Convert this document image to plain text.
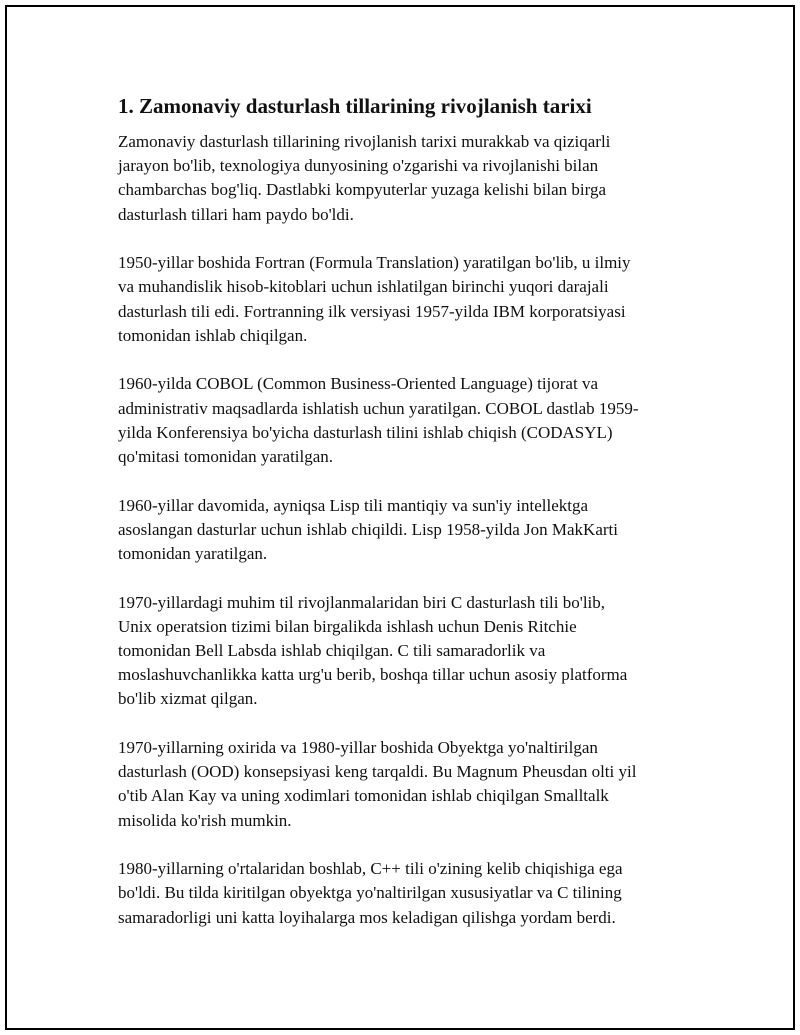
1. Zamonaviy dasturlash tillarining rivojlanish tarixi

Zamonaviy dasturlash tillarining rivojlanish tarixi murakkab va qiziqarli
jarayon bo'lib, texnologiya dunyosining o'zgarishi va rivojlanishi bilan
chambarchas bog'liq. Dastlabki kompyuterlar yuzaga kelishi bilan birga
dasturlash tillari ham paydo bo'ldi.

1950-yillar boshida Fortran (Formula Translation) yaratilgan bo'lib, u ilmiy
va muhandislik hisob-kitoblari uchun ishlatilgan birinchi yuqori darajali
dasturlash tili edi. Fortranning ilk versiyasi 1957-yilda IBM korporatsiyasi
tomonidan ishlab chiqilgan.

1960-yilda COBOL (Common Business-Oriented Language) tijorat va
administrativ maqsadlarda ishlatish uchun yaratilgan. COBOL dastlab 1959-
yilda Konferensiya bo'yicha dasturlash tilini ishlab chiqish (CODASYL)
qo'mitasi tomonidan yaratilgan.

1960-yillar davomida, ayniqsa Lisp tili mantiqiy va sun'iy intellektga
asoslangan dasturlar uchun ishlab chiqildi. Lisp 1958-yilda Jon MakKarti
tomonidan yaratilgan.

1970-yillardagi muhim til rivojlanmalaridan biri C dasturlash tili bo'lib,
Unix operatsion tizimi bilan birgalikda ishlash uchun Denis Ritchie
tomonidan Bell Labsda ishlab chiqilgan. C tili samaradorlik va
moslashuvchanlikka katta urg'u berib, boshqa tillar uchun asosiy platforma
bo'lib xizmat qilgan.

1970-yillarning oxirida va 1980-yillar boshida Obyektga yo'naltirilgan
dasturlash (OOD) konsepsiyasi keng tarqaldi. Bu Magnum Pheusdan olti yil
o'tib Alan Kay va uning xodimlari tomonidan ishlab chiqilgan Smalltalk
misolida ko'rish mumkin.

1980-yillarning o'rtalaridan boshlab, C++ tili o'zining kelib chiqishiga ega
bo'ldi. Bu tilda kiritilgan obyektga yo'naltirilgan xususiyatlar va C tilining
samaradorligi uni katta loyihalarga mos keladigan qilishga yordam berdi.
